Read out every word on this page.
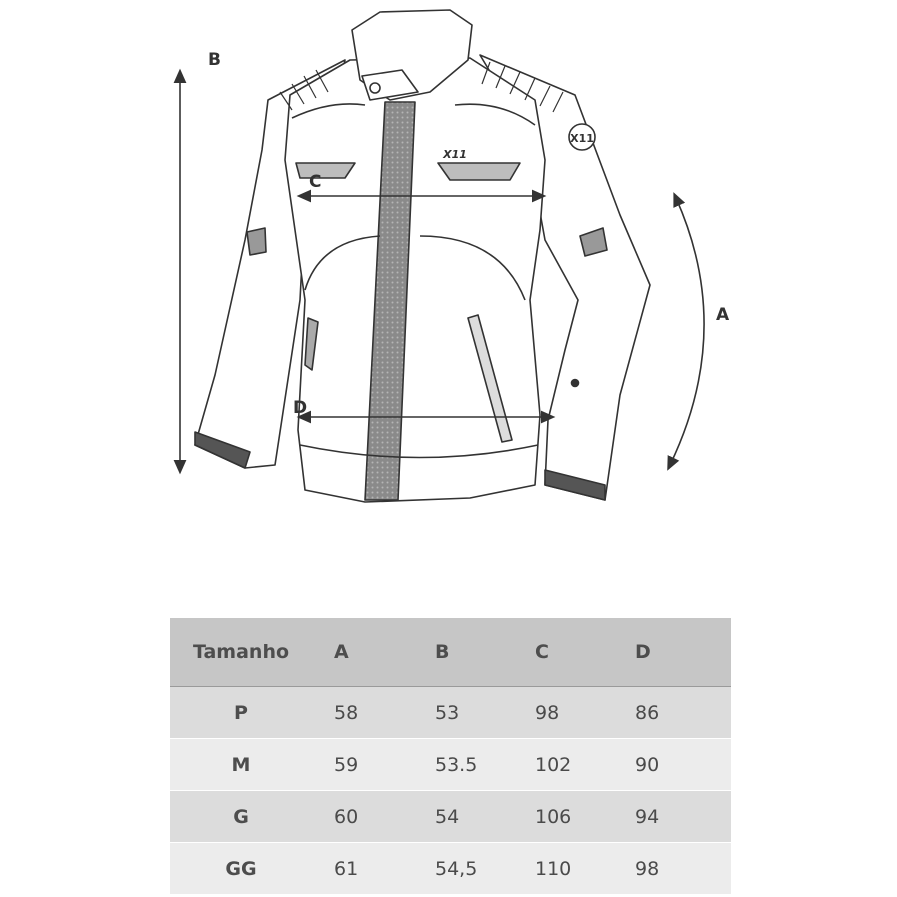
X11
X11
B
C
D
A
Tamanho	A	B	C	D
P	58	53	98	86
M	59	53.5	102	90
G	60	54	106	94
GG	61	54,5	110	98
